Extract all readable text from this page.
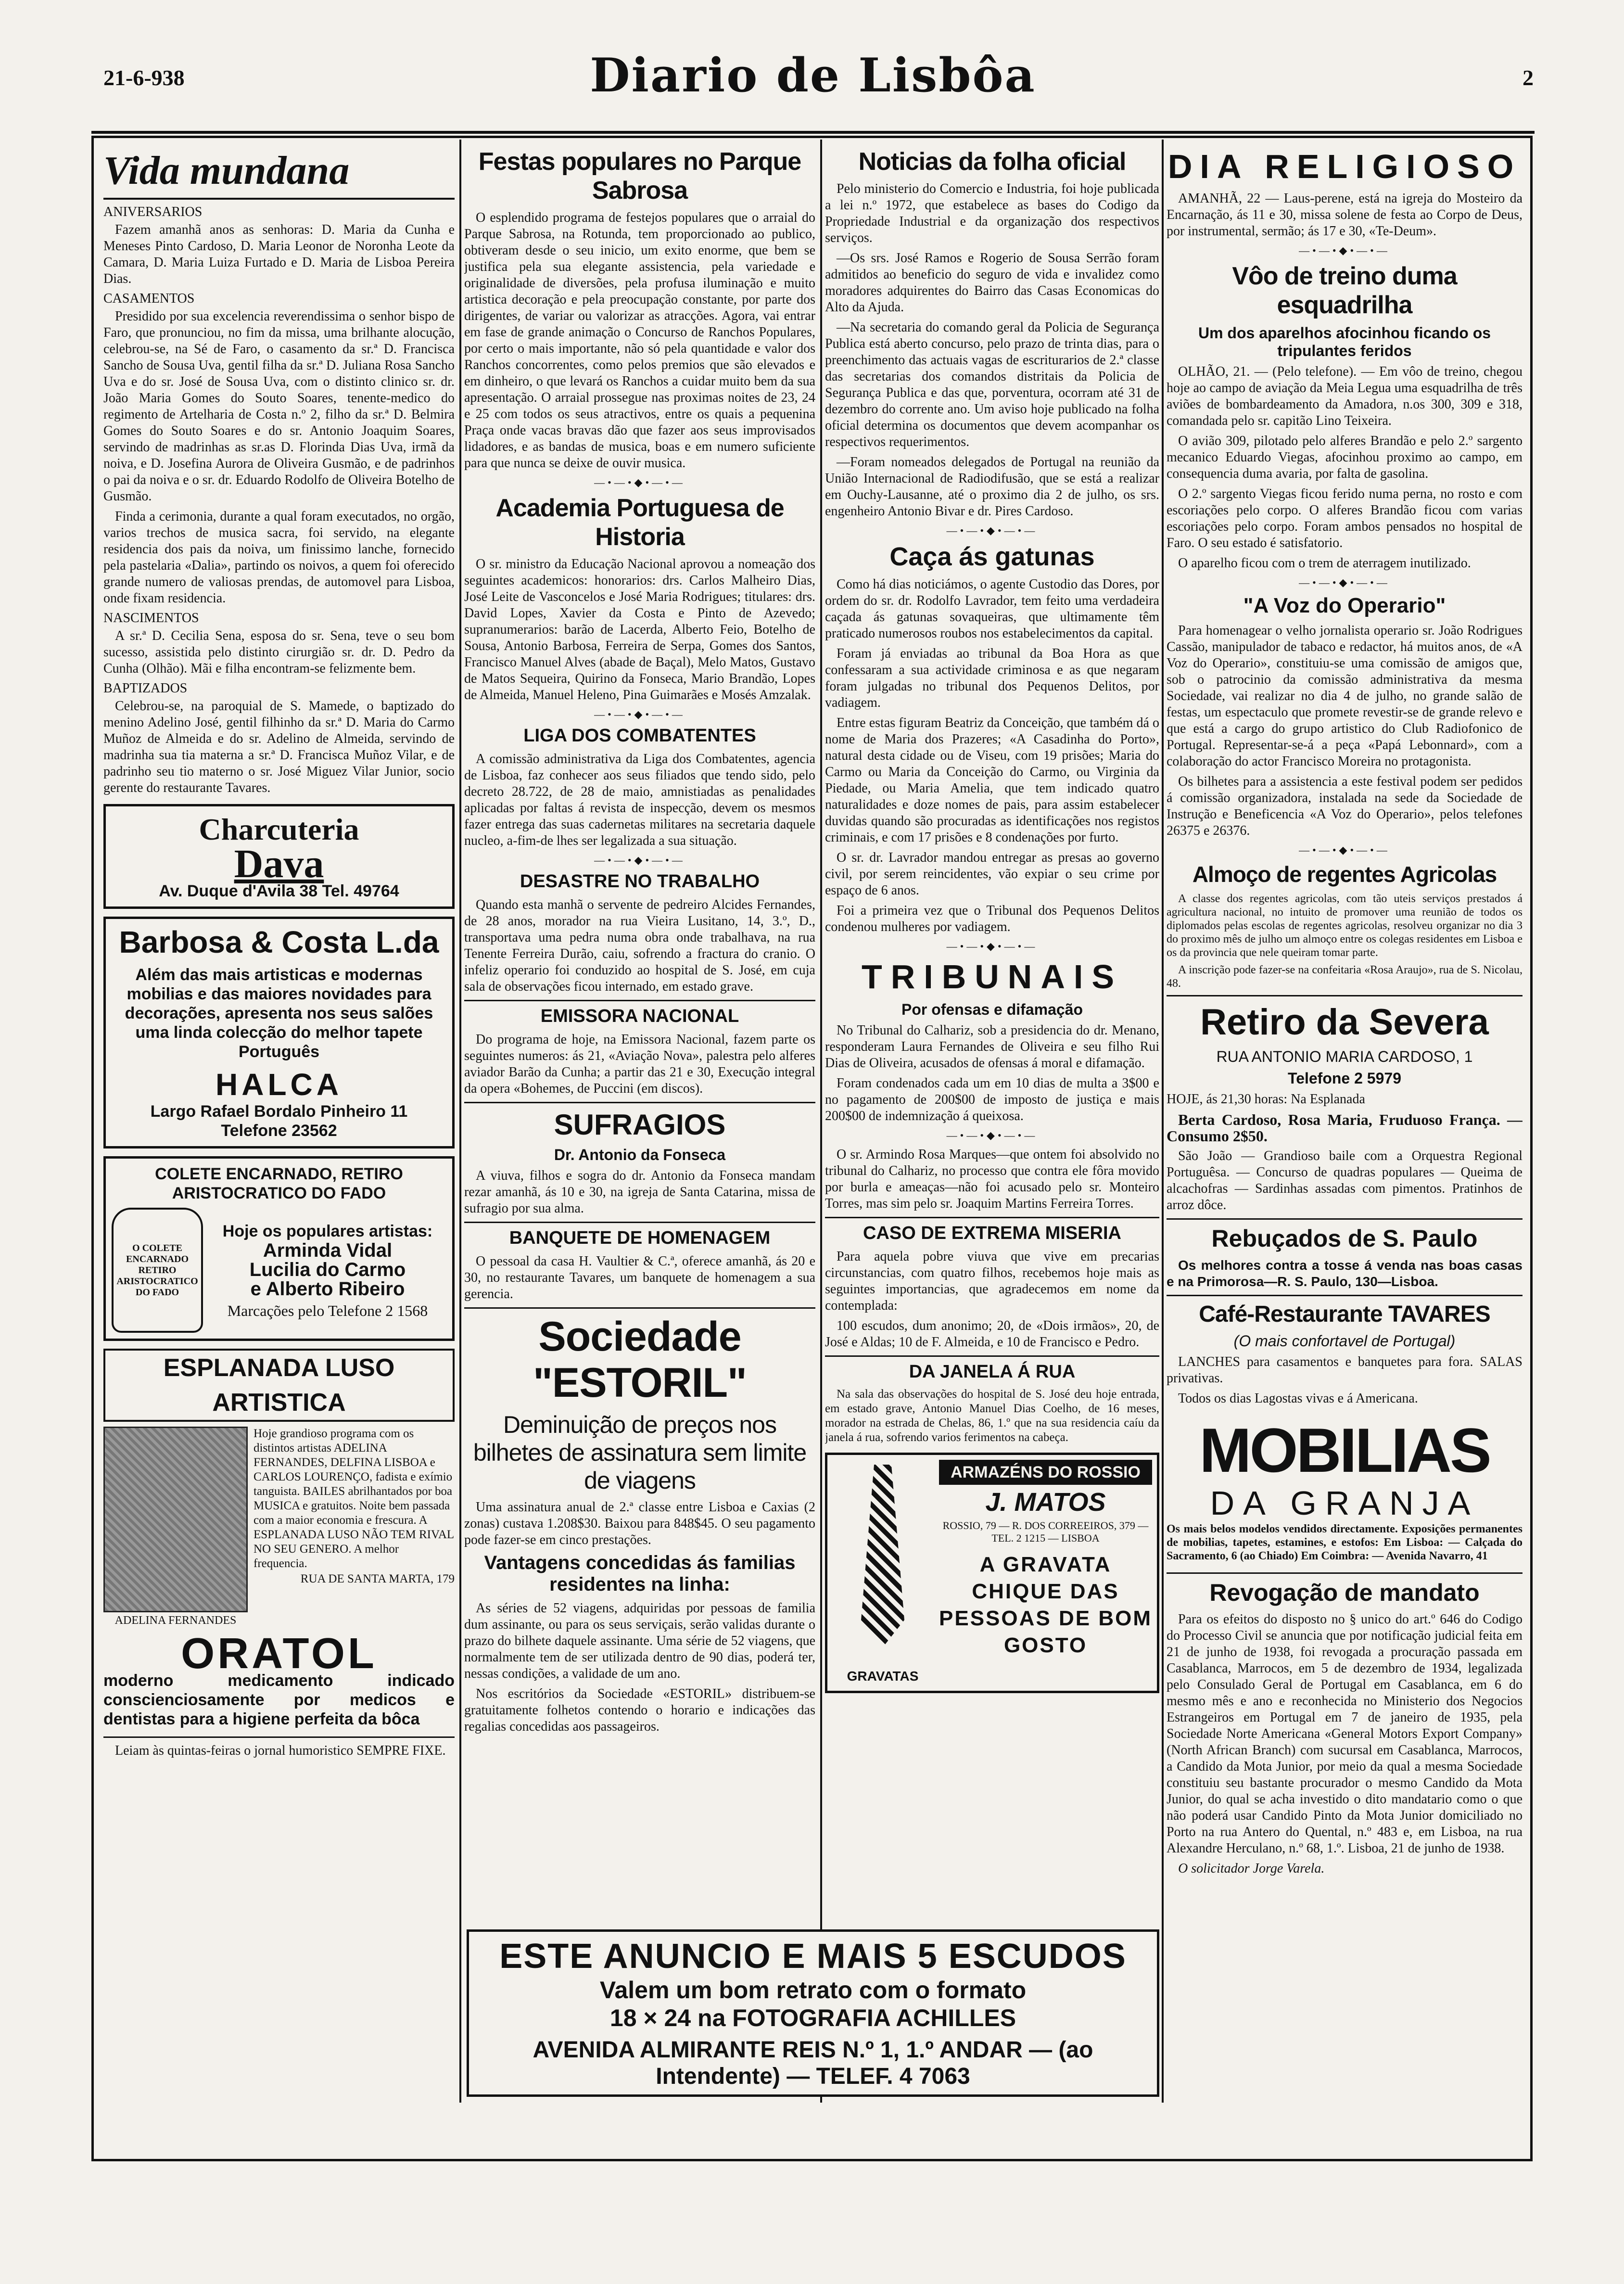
21-6-938	Diario de Lisbôa	2
Vida mundana
ANIVERSARIOS

Fazem amanhã anos as senhoras: D. Maria da Cunha e Meneses Pinto Cardoso, D. Maria Leonor de Noronha Leote da Camara, D. Maria Luiza Furtado e D. Maria de Lisboa Pereira Dias.

CASAMENTOS

Presidido por sua excelencia reverendissima o senhor bispo de Faro, que pronunciou, no fim da missa, uma brilhante alocução, celebrou-se, na Sé de Faro, o casamento da sr.ª D. Francisca Sancho de Sousa Uva, gentil filha da sr.ª D. Juliana Rosa Sancho Uva e do sr. José de Sousa Uva, com o distinto clinico sr. dr. João Maria Gomes do Souto Soares, tenente-medico do regimento de Artelharia de Costa n.º 2, filho da sr.ª D. Belmira Gomes do Souto Soares e do sr. Antonio Joaquim Soares, servindo de madrinhas as sr.as D. Florinda Dias Uva, irmã da noiva, e D. Josefina Aurora de Oliveira Gusmão, e de padrinhos o pai da noiva e o sr. dr. Eduardo Rodolfo de Oliveira Botelho de Gusmão.

Finda a cerimonia, durante a qual foram executados, no orgão, varios trechos de musica sacra, foi servido, na elegante residencia dos pais da noiva, um finissimo lanche, fornecido pela pastelaria «Dalia», partindo os noivos, a quem foi oferecido grande numero de valiosas prendas, de automovel para Lisboa, onde fixam residencia.

NASCIMENTOS

A sr.ª D. Cecilia Sena, esposa do sr. Sena, teve o seu bom sucesso, assistida pelo distinto cirurgião sr. dr. D. Pedro da Cunha (Olhão). Mãi e filha encontram-se felizmente bem.

BAPTIZADOS

Celebrou-se, na paroquial de S. Mamede, o baptizado do menino Adelino José, gentil filhinho da sr.ª D. Maria do Carmo Muñoz de Almeida e do sr. Adelino de Almeida, servindo de madrinha sua tia materna a sr.ª D. Francisca Muñoz Vilar, e de padrinho seu tio materno o sr. José Miguez Vilar Junior, socio gerente do restaurante Tavares.

Charcuteria
Dava
Av. Duque d'Avila 38 Tel. 49764
Barbosa & Costa L.da
Além das mais artisticas e modernas mobilias e das maiores novidades para decorações, apresenta nos seus salões uma linda colecção do melhor tapete Português
HALCA
Largo Rafael Bordalo Pinheiro 11
Telefone 23562
COLETE ENCARNADO, RETIRO ARISTOCRATICO DO FADO
O COLETE ENCARNADO RETIRO ARISTOCRATICO DO FADO
Hoje os populares artistas:
Arminda Vidal
Lucilia do Carmo
e Alberto Ribeiro
Marcações pelo Telefone 2 1568
ESPLANADA LUSO ARTISTICA
ADELINA FERNANDES
Hoje grandioso programa com os distintos artistas ADELINA FERNANDES, DELFINA LISBOA e CARLOS LOURENÇO, fadista e exímio tanguista. BAILES abrilhantados por boa MUSICA e gratuitos. Noite bem passada com a maior economia e frescura. A ESPLANADA LUSO NÃO TEM RIVAL NO SEU GENERO. A melhor frequencia.
RUA DE SANTA MARTA, 179
ORATOL
moderno medicamento indicado conscienciosamente por medicos e dentistas para a higiene perfeita da bôca

Leiam às quintas-feiras o jornal humoristico SEMPRE FIXE.

Festas populares no Parque Sabrosa

O esplendido programa de festejos populares que o arraial do Parque Sabrosa, na Rotunda, tem proporcionado ao publico, obtiveram desde o seu inicio, um exito enorme, que bem se justifica pela sua elegante assistencia, pela variedade e originalidade de diversões, pela profusa iluminação e muito artistica decoração e pela preocupação constante, por parte dos dirigentes, de variar ou valorizar as atracções. Agora, vai entrar em fase de grande animação o Concurso de Ranchos Populares, por certo o mais importante, não só pela quantidade e valor dos Ranchos concorrentes, como pelos premios que são elevados e em dinheiro, o que levará os Ranchos a cuidar muito bem da sua apresentação. O arraial prossegue nas proximas noites de 23, 24 e 25 com todos os seus atractivos, entre os quais a pequenina Praça onde vacas bravas dão que fazer aos seus improvisados lidadores, e as bandas de musica, boas e em numero suficiente para que nunca se deixe de ouvir musica.

—•—•◆•—•—
Academia Portuguesa de Historia

O sr. ministro da Educação Nacional aprovou a nomeação dos seguintes academicos: honorarios: drs. Carlos Malheiro Dias, José Leite de Vasconcelos e José Maria Rodrigues; titulares: drs. David Lopes, Xavier da Costa e Pinto de Azevedo; supranumerarios: barão de Lacerda, Alberto Feio, Botelho de Sousa, Antonio Barbosa, Ferreira de Serpa, Gomes dos Santos, Francisco Manuel Alves (abade de Baçal), Melo Matos, Gustavo de Matos Sequeira, Quirino da Fonseca, Mario Brandão, Lopes de Almeida, Manuel Heleno, Pina Guimarães e Mosés Amzalak.

—•—•◆•—•—
LIGA DOS COMBATENTES

A comissão administrativa da Liga dos Combatentes, agencia de Lisboa, faz conhecer aos seus filiados que tendo sido, pelo decreto 28.722, de 28 de maio, amnistiadas as penalidades aplicadas por faltas á revista de inspecção, devem os mesmos fazer entrega das suas cadernetas militares na secretaria daquele nucleo, a-fim-de lhes ser legalizada a sua situação.

—•—•◆•—•—
DESASTRE NO TRABALHO

Quando esta manhã o servente de pedreiro Alcides Fernandes, de 28 anos, morador na rua Vieira Lusitano, 14, 3.º, D., transportava uma pedra numa obra onde trabalhava, na rua Tenente Ferreira Durão, caiu, sofrendo a fractura do cranio. O infeliz operario foi conduzido ao hospital de S. José, em cuja sala de observações ficou internado, em estado grave.

EMISSORA NACIONAL

Do programa de hoje, na Emissora Nacional, fazem parte os seguintes numeros: ás 21, «Aviação Nova», palestra pelo alferes aviador Barão da Cunha; a partir das 21 e 30, Execução integral da opera «Bohemes, de Puccini (em discos).

SUFRAGIOS
Dr. Antonio da Fonseca

A viuva, filhos e sogra do dr. Antonio da Fonseca mandam rezar amanhã, ás 10 e 30, na igreja de Santa Catarina, missa de sufragio por sua alma.

BANQUETE DE HOMENAGEM

O pessoal da casa H. Vaultier & C.ª, oferece amanhã, ás 20 e 30, no restaurante Tavares, um banquete de homenagem a sua gerencia.

Sociedade "ESTORIL"
Deminuição de preços nos bilhetes de assinatura sem limite de viagens

Uma assinatura anual de 2.ª classe entre Lisboa e Caxias (2 zonas) custava 1.208$30. Baixou para 848$45. O seu pagamento pode fazer-se em cinco prestações.

Vantagens concedidas ás familias residentes na linha:

As séries de 52 viagens, adquiridas por pessoas de familia dum assinante, ou para os seus serviçais, serão validas durante o prazo do bilhete daquele assinante. Uma série de 52 viagens, que normalmente tem de ser utilizada dentro de 90 dias, poderá ter, nessas condições, a validade de um ano.

Nos escritórios da Sociedade «ESTORIL» distribuem-se gratuitamente folhetos contendo o horario e indicações das regalias concedidas aos passageiros.

Noticias da folha oficial

Pelo ministerio do Comercio e Industria, foi hoje publicada a lei n.º 1972, que estabelece as bases do Codigo da Propriedade Industrial e da organização dos respectivos serviços.

—Os srs. José Ramos e Rogerio de Sousa Serrão foram admitidos ao beneficio do seguro de vida e invalidez como moradores adquirentes do Bairro das Casas Economicas do Alto da Ajuda.

—Na secretaria do comando geral da Policia de Segurança Publica está aberto concurso, pelo prazo de trinta dias, para o preenchimento das actuais vagas de escriturarios de 2.ª classe das secretarias dos comandos distritais da Policia de Segurança Publica e das que, porventura, ocorram até 31 de dezembro do corrente ano. Um aviso hoje publicado na folha oficial determina os documentos que devem acompanhar os respectivos requerimentos.

—Foram nomeados delegados de Portugal na reunião da União Internacional de Radiodifusão, que se está a realizar em Ouchy-Lausanne, até o proximo dia 2 de julho, os srs. engenheiro Antonio Bivar e dr. Pires Cardoso.

—•—•◆•—•—
Caça ás gatunas

Como há dias noticiámos, o agente Custodio das Dores, por ordem do sr. dr. Rodolfo Lavrador, tem feito uma verdadeira caçada ás gatunas sovaqueiras, que ultimamente têm praticado numerosos roubos nos estabelecimentos da capital.

Foram já enviadas ao tribunal da Boa Hora as que confessaram a sua actividade criminosa e as que negaram foram julgadas no tribunal dos Pequenos Delitos, por vadiagem.

Entre estas figuram Beatriz da Conceição, que também dá o nome de Maria dos Prazeres; «A Casadinha do Porto», natural desta cidade ou de Viseu, com 19 prisões; Maria do Carmo ou Maria da Conceição do Carmo, ou Virginia da Piedade, ou Maria Amelia, que tem indicado quatro naturalidades e doze nomes de pais, para assim estabelecer duvidas quando são procuradas as identificações nos registos criminais, e com 17 prisões e 8 condenações por furto.

O sr. dr. Lavrador mandou entregar as presas ao governo civil, por serem reincidentes, vão expiar o seu crime por espaço de 6 anos.

Foi a primeira vez que o Tribunal dos Pequenos Delitos condenou mulheres por vadiagem.

—•—•◆•—•—
TRIBUNAIS
Por ofensas e difamação

No Tribunal do Calhariz, sob a presidencia do dr. Menano, responderam Laura Fernandes de Oliveira e seu filho Rui Dias de Oliveira, acusados de ofensas á moral e difamação.

Foram condenados cada um em 10 dias de multa a 3$00 e no pagamento de 200$00 de imposto de justiça e mais 200$00 de indemnização á queixosa.

—•—•◆•—•—

O sr. Armindo Rosa Marques—que ontem foi absolvido no tribunal do Calhariz, no processo que contra ele fôra movido por burla e ameaças—não foi acusado pelo sr. Monteiro Torres, mas sim pelo sr. Joaquim Martins Ferreira Torres.

CASO DE EXTREMA MISERIA

Para aquela pobre viuva que vive em precarias circunstancias, com quatro filhos, recebemos hoje mais as seguintes importancias, que agradecemos em nome da contemplada:

100 escudos, dum anonimo; 20, de «Dois irmãos», 20, de José e Aldas; 10 de F. Almeida, e 10 de Francisco e Pedro.

DA JANELA Á RUA

Na sala das observações do hospital de S. José deu hoje entrada, em estado grave, Antonio Manuel Dias Coelho, de 16 meses, morador na estrada de Chelas, 86, 1.º que na sua residencia caíu da janela á rua, sofrendo varios ferimentos na cabeça.

GRAVATAS
ARMAZÉNS DO ROSSIO
J. MATOS
ROSSIO, 79 — R. DOS CORREEIROS, 379 — TEL. 2 1215 — LISBOA
A GRAVATA CHIQUE DAS PESSOAS DE BOM GOSTO
DIA RELIGIOSO

AMANHÃ, 22 — Laus-perene, está na igreja do Mosteiro da Encarnação, ás 11 e 30, missa solene de festa ao Corpo de Deus, por instrumental, sermão; ás 17 e 30, «Te-Deum».

—•—•◆•—•—
Vôo de treino duma esquadrilha
Um dos aparelhos afocinhou ficando os tripulantes feridos

OLHÃO, 21. — (Pelo telefone). — Em vôo de treino, chegou hoje ao campo de aviação da Meia Legua uma esquadrilha de três aviões de bombardeamento da Amadora, n.os 300, 309 e 318, comandada pelo sr. capitão Lino Teixeira.

O avião 309, pilotado pelo alferes Brandão e pelo 2.º sargento mecanico Eduardo Viegas, afocinhou proximo ao campo, em consequencia duma avaria, por falta de gasolina.

O 2.º sargento Viegas ficou ferido numa perna, no rosto e com escoriações pelo corpo. O alferes Brandão ficou com varias escoriações pelo corpo. Foram ambos pensados no hospital de Faro. O seu estado é satisfatorio.

O aparelho ficou com o trem de aterragem inutilizado.

—•—•◆•—•—
"A Voz do Operario"

Para homenagear o velho jornalista operario sr. João Rodrigues Cassão, manipulador de tabaco e redactor, há muitos anos, de «A Voz do Operario», constituiu-se uma comissão de amigos que, sob o patrocinio da comissão administrativa da mesma Sociedade, vai realizar no dia 4 de julho, no grande salão de festas, um espectaculo que promete revestir-se de grande relevo e que está a cargo do grupo artistico do Club Radiofonico de Portugal. Representar-se-á a peça «Papá Lebonnard», com a colaboração do actor Francisco Moreira no protagonista.

Os bilhetes para a assistencia a este festival podem ser pedidos á comissão organizadora, instalada na sede da Sociedade de Instrução e Beneficencia «A Voz do Operario», pelos telefones 26375 e 26376.

—•—•◆•—•—
Almoço de regentes Agricolas

A classe dos regentes agricolas, com tão uteis serviços prestados á agricultura nacional, no intuito de promover uma reunião de todos os diplomados pelas escolas de regentes agricolas, resolveu organizar no dia 3 do proximo mês de julho um almoço entre os colegas residentes em Lisboa e os da provincia que nele queiram tomar parte.

A inscrição pode fazer-se na confeitaria «Rosa Araujo», rua de S. Nicolau, 48.

Retiro da Severa
RUA ANTONIO MARIA CARDOSO, 1
Telefone 2 5979

HOJE, ás 21,30 horas: Na Esplanada

Berta Cardoso, Rosa Maria, Fruduoso França. — Consumo 2$50.

São João — Grandioso baile com a Orquestra Regional Portuguêsa. — Concurso de quadras populares — Queima de alcachofras — Sardinhas assadas com pimentos. Pratinhos de arroz dôce.

Rebuçados de S. Paulo

Os melhores contra a tosse á venda nas boas casas e na Primorosa—R. S. Paulo, 130—Lisboa.

Café-Restaurante TAVARES
(O mais confortavel de Portugal)

LANCHES para casamentos e banquetes para fora. SALAS privativas.

Todos os dias Lagostas vivas e á Americana.

MOBILIAS
DA GRANJA

Os mais belos modelos vendidos directamente. Exposições permanentes de mobilias, tapetes, estamines, e estofos: Em Lisboa: — Calçada do Sacramento, 6 (ao Chiado) Em Coimbra: — Avenida Navarro, 41

Revogação de mandato

Para os efeitos do disposto no § unico do art.º 646 do Codigo do Processo Civil se anuncia que por notificação judicial feita em 21 de junho de 1938, foi revogada a procuração passada em Casablanca, Marrocos, em 5 de dezembro de 1934, legalizada pelo Consulado Geral de Portugal em Casablanca, em 6 do mesmo mês e ano e reconhecida no Ministerio dos Negocios Estrangeiros em Portugal em 7 de janeiro de 1935, pela Sociedade Norte Americana «General Motors Export Company» (North African Branch) com sucursal em Casablanca, Marrocos, a Candido da Mota Junior, por meio da qual a mesma Sociedade constituiu seu bastante procurador o mesmo Candido da Mota Junior, do qual se acha investido o dito mandatario como o que não poderá usar Candido Pinto da Mota Junior domiciliado no Porto na rua Antero do Quental, n.º 483 e, em Lisboa, na rua Alexandre Herculano, n.º 68, 1.º. Lisboa, 21 de junho de 1938.

O solicitador Jorge Varela.

ESTE ANUNCIO E MAIS 5 ESCUDOS
Valem um bom retrato com o formato
18 × 24 na FOTOGRAFIA ACHILLES
AVENIDA ALMIRANTE REIS N.º 1, 1.º ANDAR — (ao Intendente) — TELEF. 4 7063
